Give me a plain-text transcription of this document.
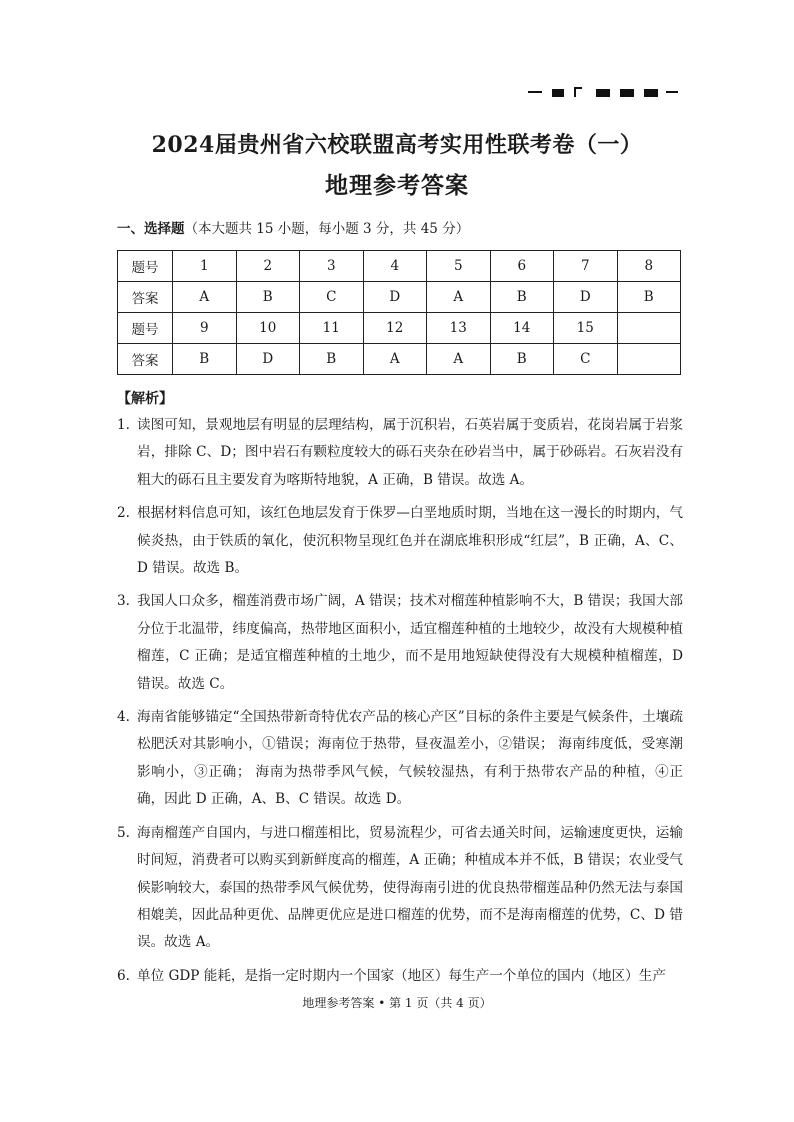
2024届贵州省六校联盟高考实用性联考卷（一）
地理参考答案
一、选择题（本大题共 15 小题，每小题 3 分，共 45 分）
题号	1	2	3	4	5	6	7	8
答案	A	B	C	D	A	B	D	B
题号	9	10	11	12	13	14	15	
答案	B	D	B	A	A	B	C	
【解析】
1. 读图可知，景观地层有明显的层理结构，属于沉积岩，石英岩属于变质岩，花岗岩属于岩浆岩，排除 C、D；图中岩石有颗粒度较大的砾石夹杂在砂岩当中，属于砂砾岩。石灰岩没有粗大的砾石且主要发育为喀斯特地貌，A 正确，B 错误。故选 A。
2. 根据材料信息可知，该红色地层发育于侏罗—白垩地质时期，当地在这一漫长的时期内，气候炎热，由于铁质的氧化，使沉积物呈现红色并在湖底堆积形成“红层”，B 正确，A、C、D 错误。故选 B。
3. 我国人口众多，榴莲消费市场广阔，A 错误；技术对榴莲种植影响不大，B 错误；我国大部分位于北温带，纬度偏高，热带地区面积小，适宜榴莲种植的土地较少，故没有大规模种植榴莲，C 正确；是适宜榴莲种植的土地少，而不是用地短缺使得没有大规模种植榴莲，D 错误。故选 C。
4. 海南省能够锚定“全国热带新奇特优农产品的核心产区”目标的条件主要是气候条件，土壤疏松肥沃对其影响小，①错误；海南位于热带，昼夜温差小，②错误； 海南纬度低，受寒潮影响小，③正确； 海南为热带季风气候，气候较湿热，有利于热带农产品的种植，④正确，因此 D 正确，A、B、C 错误。故选 D。
5. 海南榴莲产自国内，与进口榴莲相比，贸易流程少，可省去通关时间，运输速度更快，运输时间短，消费者可以购买到新鲜度高的榴莲，A 正确；种植成本并不低，B 错误；农业受气候影响较大，泰国的热带季风气候优势，使得海南引进的优良热带榴莲品种仍然无法与泰国相媲美，因此品种更优、品牌更优应是进口榴莲的优势，而不是海南榴莲的优势，C、D 错误。故选 A。
6. 单位 GDP 能耗，是指一定时期内一个国家（地区）每生产一个单位的国内（地区）生产
地理参考答案 • 第 1 页（共 4 页）
